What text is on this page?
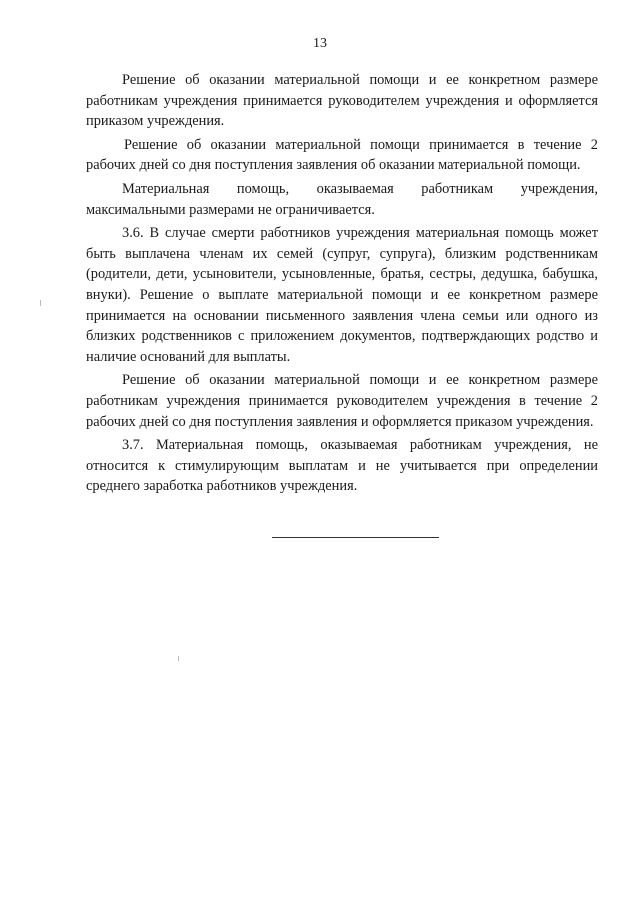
13

Решение об оказании материальной помощи и ее конкретном размере работникам учреждения принимается руководителем учреждения и оформляется приказом учреждения.

Решение об оказании материальной помощи принимается в течение 2 рабочих дней со дня поступления заявления об оказании материальной помощи.

Материальная помощь, оказываемая работникам учреждения, максимальными размерами не ограничивается.

3.6. В случае смерти работников учреждения материальная помощь может быть выплачена членам их семей (супруг, супруга), близким родственникам (родители, дети, усыновители, усыновленные, братья, сестры, дедушка, бабушка, внуки). Решение о выплате материальной помощи и ее конкретном размере принимается на основании письменного заявления члена семьи или одного из близких родственников с приложением документов, подтверждающих родство и наличие оснований для выплаты.

Решение об оказании материальной помощи и ее конкретном размере работникам учреждения принимается руководителем учреждения в течение 2 рабочих дней со дня поступления заявления и оформляется приказом учреждения.

3.7. Материальная помощь, оказываемая работникам учреждения, не относится к стимулирующим выплатам и не учитывается при определении среднего заработка работников учреждения.
